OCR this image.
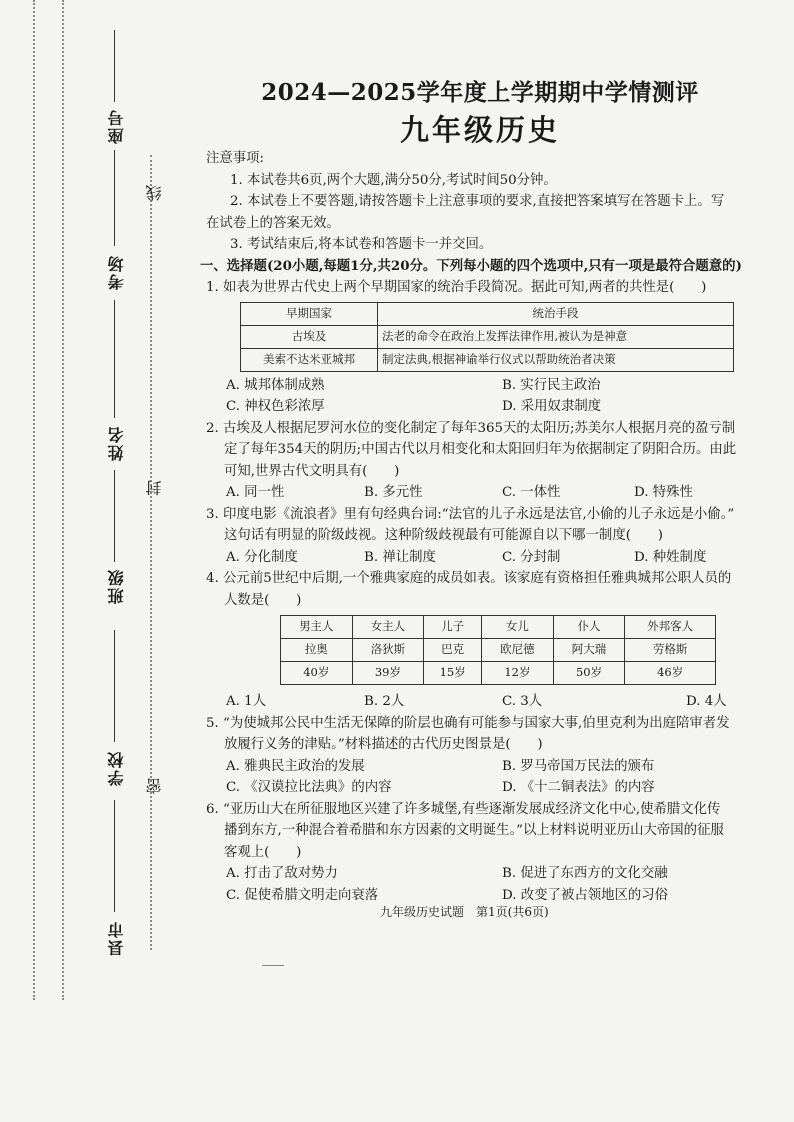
座号
考场
姓名
班级
学校
县市
线
封
密
2024—2025学年度上学期期中学情测评
九年级历史
注意事项:
1. 本试卷共6页,两个大题,满分50分,考试时间50分钟。
2. 本试卷上不要答题,请按答题卡上注意事项的要求,直接把答案填写在答题卡上。写
在试卷上的答案无效。
3. 考试结束后,将本试卷和答题卡一并交回。
一、选择题(20小题,每题1分,共20分。下列每小题的四个选项中,只有一项是最符合题意的)
1. 如表为世界古代史上两个早期国家的统治手段简况。据此可知,两者的共性是(　　)
早期国家	统治手段
古埃及	法老的命令在政治上发挥法律作用,被认为是神意
美索不达米亚城邦	制定法典,根据神谕举行仪式以帮助统治者决策
A. 城邦体制成熟	B. 实行民主政治
C. 神权色彩浓厚	D. 采用奴隶制度
2. 古埃及人根据尼罗河水位的变化制定了每年365天的太阳历;苏美尔人根据月亮的盈亏制
定了每年354天的阴历;中国古代以月相变化和太阳回归年为依据制定了阴阳合历。由此
可知,世界古代文明具有(　　)
A. 同一性	B. 多元性	C. 一体性	D. 特殊性
3. 印度电影《流浪者》里有句经典台词:“法官的儿子永远是法官,小偷的儿子永远是小偷。”
这句话有明显的阶级歧视。这种阶级歧视最有可能源自以下哪一制度(　　)
A. 分化制度	B. 禅让制度	C. 分封制	D. 种姓制度
4. 公元前5世纪中后期,一个雅典家庭的成员如表。该家庭有资格担任雅典城邦公职人员的
人数是(　　)
男主人	女主人	儿子	女儿	仆人	外邦客人
拉奥	洛狄斯	巴克	欧尼德	阿大瑞	劳格斯
40岁	39岁	15岁	12岁	50岁	46岁
A. 1人	B. 2人	C. 3人	D. 4人
5. “为使城邦公民中生活无保障的阶层也确有可能参与国家大事,伯里克利为出庭陪审者发
放履行义务的津贴。”材料描述的古代历史图景是(　　)
A. 雅典民主政治的发展	B. 罗马帝国万民法的颁布
C. 《汉谟拉比法典》的内容	D. 《十二铜表法》的内容
6. “亚历山大在所征服地区兴建了许多城堡,有些逐渐发展成经济文化中心,使希腊文化传
播到东方,一种混合着希腊和东方因素的文明诞生。”以上材料说明亚历山大帝国的征服
客观上(　　)
A. 打击了敌对势力	B. 促进了东西方的文化交融
C. 促使希腊文明走向衰落	D. 改变了被占领地区的习俗
九年级历史试题　第1页(共6页)
